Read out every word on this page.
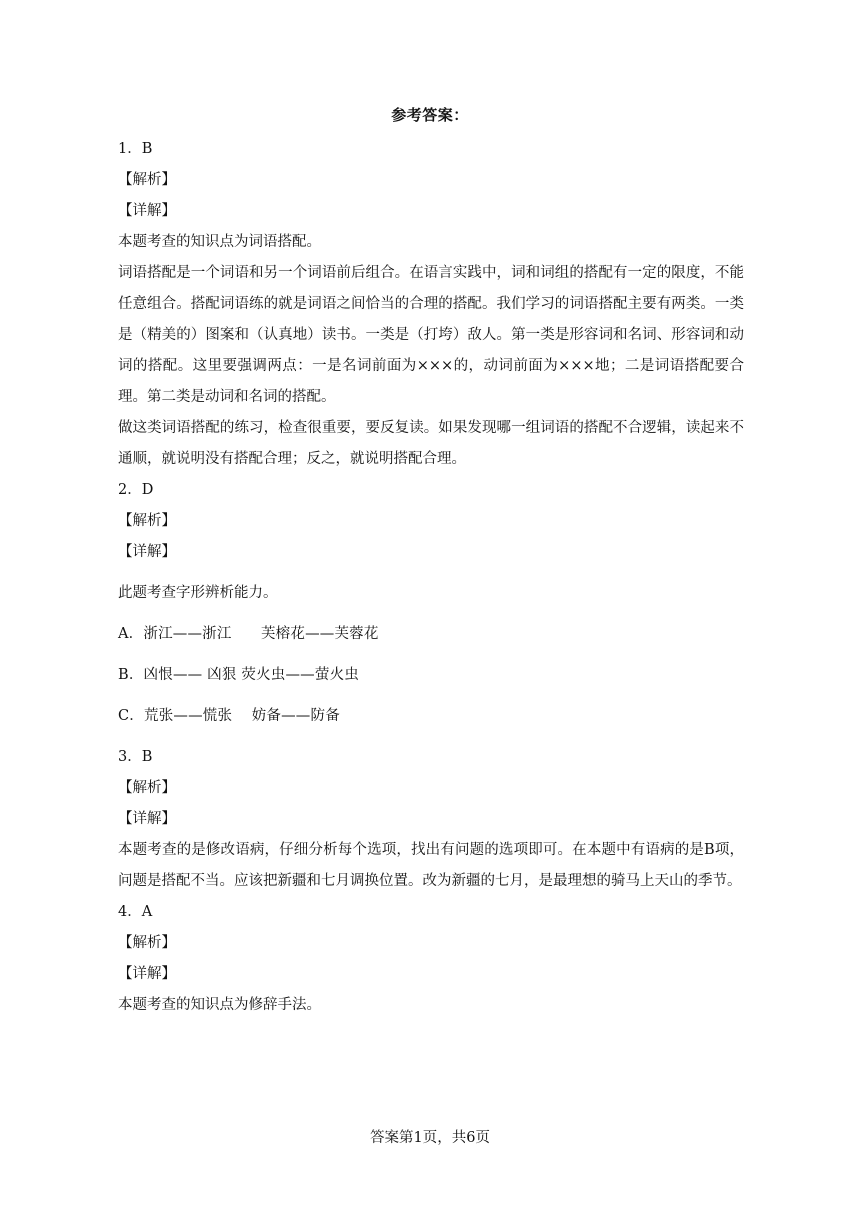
参考答案：
1．B
【解析】
【详解】
本题考查的知识点为词语搭配。
词语搭配是一个词语和另一个词语前后组合。在语言实践中，词和词组的搭配有一定的限度，不能任意组合。搭配词语练的就是词语之间恰当的合理的搭配。我们学习的词语搭配主要有两类。一类是（精美的）图案和（认真地）读书。一类是（打垮）敌人。第一类是形容词和名词、形容词和动词的搭配。这里要强调两点：一是名词前面为×××的，动词前面为×××地；二是词语搭配要合理。第二类是动词和名词的搭配。
做这类词语搭配的练习，检查很重要，要反复读。如果发现哪一组词语的搭配不合逻辑，读起来不通顺，就说明没有搭配合理；反之，就说明搭配合理。
2．D
【解析】
【详解】
此题考查字形辨析能力。
A．浙江——浙江　　芙榕花——芙蓉花
B．凶恨—— 凶狠 荧火虫——萤火虫
C．荒张——慌张　 妨备——防备
3．B
【解析】
【详解】
本题考查的是修改语病，仔细分析每个选项，找出有问题的选项即可。在本题中有语病的是B项，问题是搭配不当。应该把新疆和七月调换位置。改为新疆的七月，是最理想的骑马上天山的季节。
4．A
【解析】
【详解】
本题考查的知识点为修辞手法。
答案第1页，共6页
